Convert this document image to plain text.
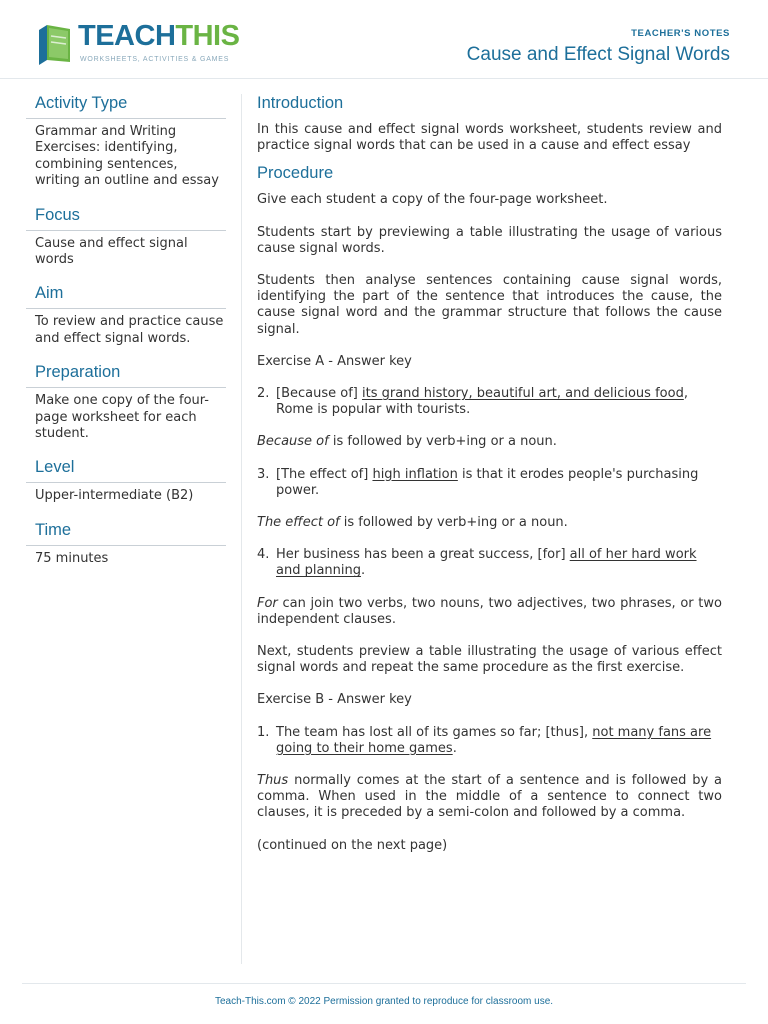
TEACHTHIS
WORKSHEETS, ACTIVITIES & GAMES
TEACHER'S NOTES
Cause and Effect Signal Words
Activity Type
Grammar and Writing Exercises: identifying, combining sentences, writing an outline and essay
Focus
Cause and effect signal words
Aim
To review and practice cause and effect signal words.
Preparation
Make one copy of the four-page worksheet for each student.
Level
Upper-intermediate (B2)
Time
75 minutes
Introduction

In this cause and effect signal words worksheet, students review and practice signal words that can be used in a cause and effect essay

Procedure

Give each student a copy of the four-page worksheet.

Students start by previewing a table illustrating the usage of various cause signal words.

Students then analyse sentences containing cause signal words, identifying the part of the sentence that introduces the cause, the cause signal word and the grammar structure that follows the cause signal.

Exercise A - Answer key

2. [Because of] its grand history, beautiful art, and delicious food, Rome is popular with tourists.

Because of is followed by verb+ing or a noun.

3. [The effect of] high inflation is that it erodes people's purchasing power.

The effect of is followed by verb+ing or a noun.

4. Her business has been a great success, [for] all of her hard work and planning.

For can join two verbs, two nouns, two adjectives, two phrases, or two independent clauses.

Next, students preview a table illustrating the usage of various effect signal words and repeat the same procedure as the first exercise.

Exercise B - Answer key

1. The team has lost all of its games so far; [thus], not many fans are going to their home games.

Thus normally comes at the start of a sentence and is followed by a comma. When used in the middle of a sentence to connect two clauses, it is preceded by a semi-colon and followed by a comma.

(continued on the next page)

Teach-This.com © 2022 Permission granted to reproduce for classroom use.
